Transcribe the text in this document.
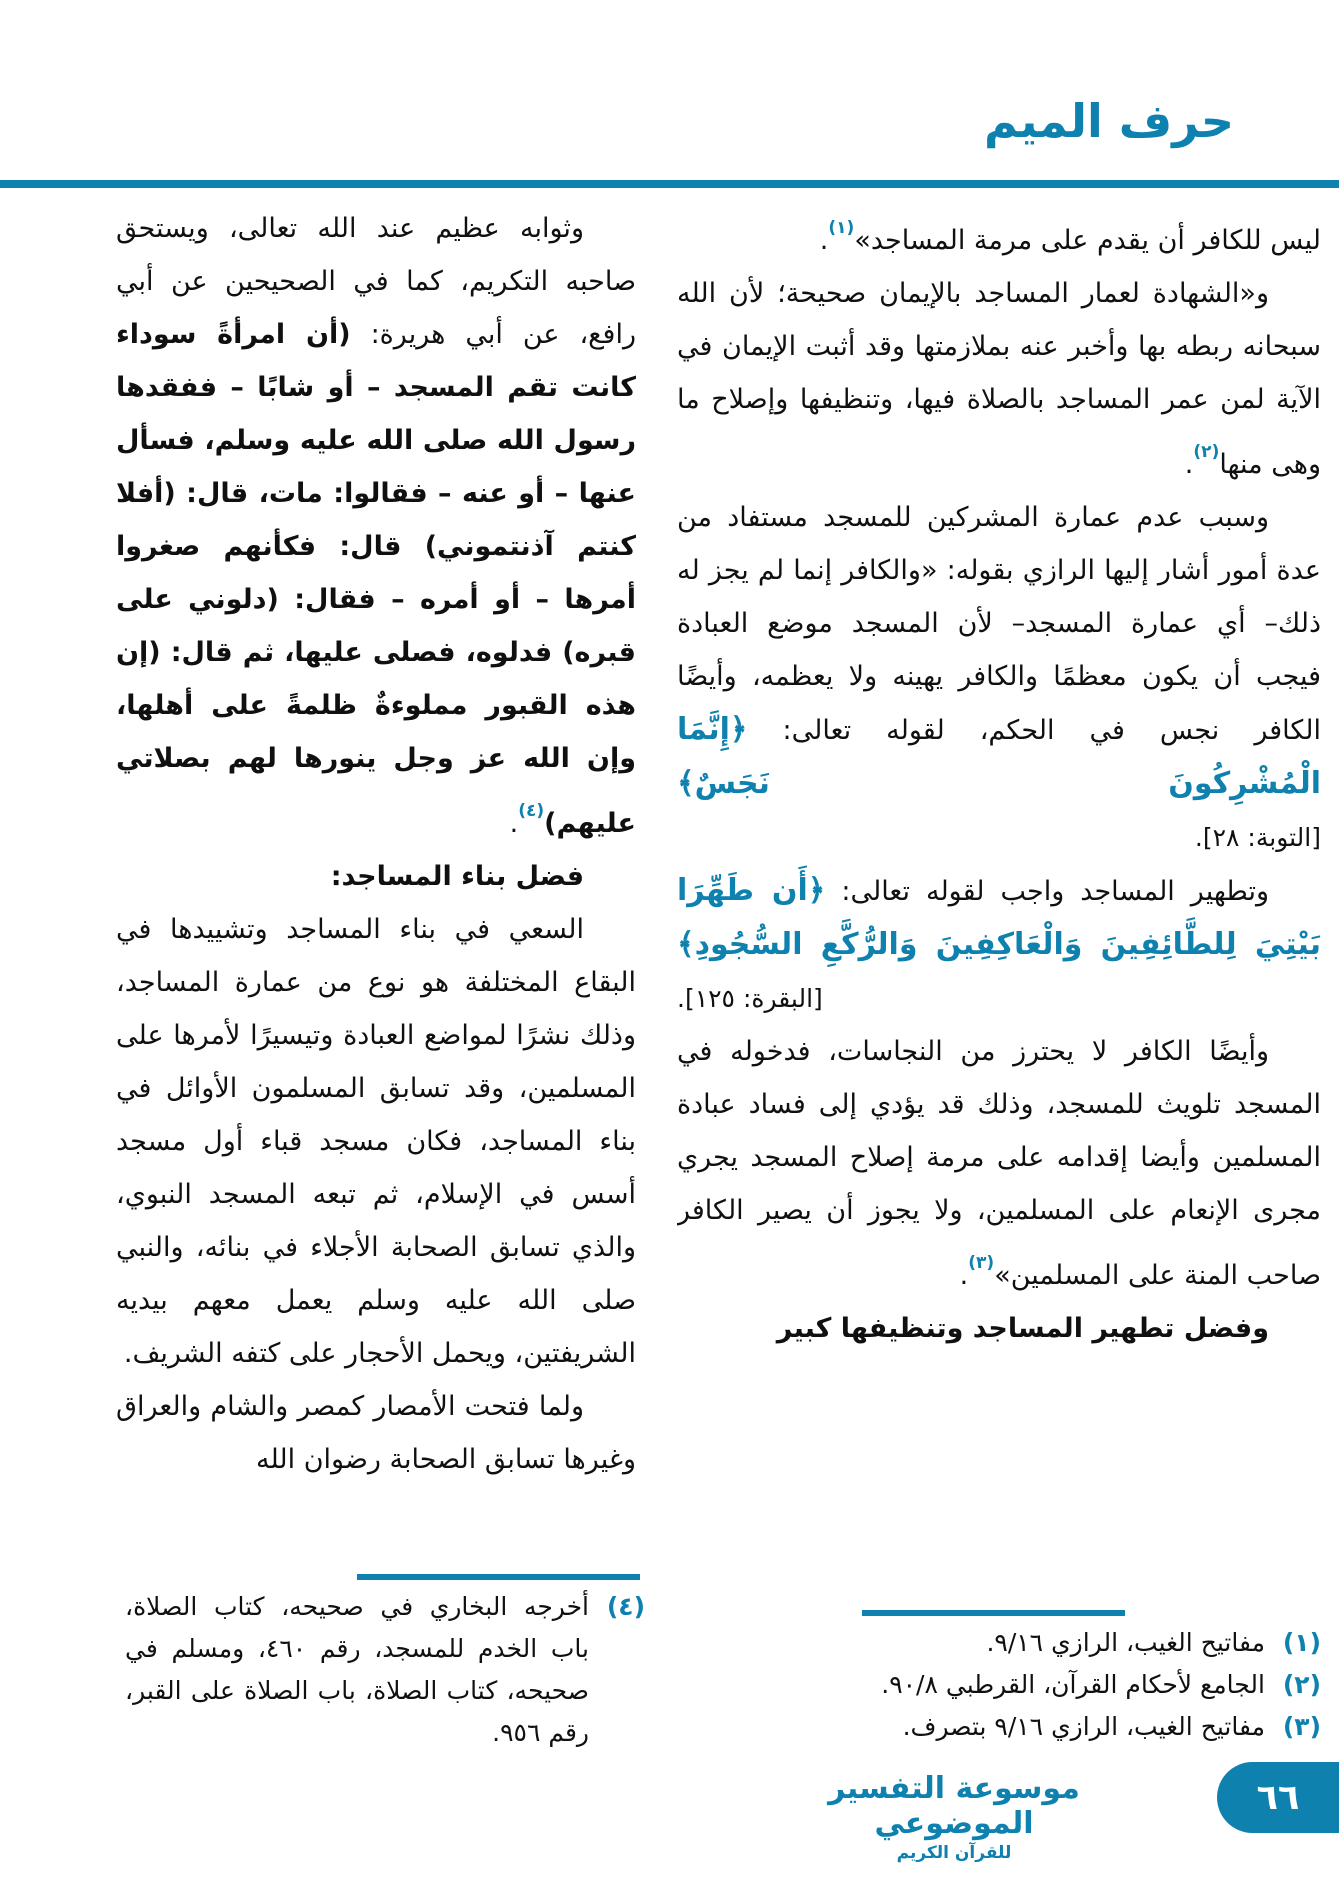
حرف الميم

ليس للكافر أن يقدم على مرمة المساجد»$^{(١)}$.

و«الشهادة لعمار المساجد بالإيمان صحيحة؛ لأن الله سبحانه ربطه بها وأخبر عنه بملازمتها وقد أثبت الإيمان في الآية لمن عمر المساجد بالصلاة فيها، وتنظيفها وإصلاح ما وهى منها$^{(٢)}$.

وسبب عدم عمارة المشركين للمسجد مستفاد من عدة أمور أشار إليها الرازي بقوله: «والكافر إنما لم يجز له ذلك– أي عمارة المسجد– لأن المسجد موضع العبادة فيجب أن يكون معظمًا والكافر يهينه ولا يعظمه، وأيضًا الكافر نجس في الحكم، لقوله تعالى: ﴿إِنَّمَا الْمُشْرِكُونَ نَجَسٌ﴾

[التوبة: ٢٨].

وتطهير المساجد واجب لقوله تعالى: ﴿أَن طَهِّرَا بَيْتِيَ لِلطَّائِفِينَ وَالْعَاكِفِينَ وَالرُّكَّعِ السُّجُودِ﴾ [البقرة: ١٢٥].

وأيضًا الكافر لا يحترز من النجاسات، فدخوله في المسجد تلويث للمسجد، وذلك قد يؤدي إلى فساد عبادة المسلمين وأيضا إقدامه على مرمة إصلاح المسجد يجري مجرى الإنعام على المسلمين، ولا يجوز أن يصير الكافر صاحب المنة على المسلمين»$^{(٣)}$.

وفضل تطهير المساجد وتنظيفها كبير

وثوابه عظيم عند الله تعالى، ويستحق صاحبه التكريم، كما في الصحيحين عن أبي رافع، عن أبي هريرة: (أن امرأةً سوداء كانت تقم المسجد – أو شابًا – ففقدها رسول الله صلى الله عليه وسلم، فسأل عنها – أو عنه – فقالوا: مات، قال: (أفلا كنتم آذنتموني) قال: فكأنهم صغروا أمرها – أو أمره – فقال: (دلوني على قبره) فدلوه، فصلى عليها، ثم قال: (إن هذه القبور مملوءةٌ ظلمةً على أهلها، وإن الله عز وجل ينورها لهم بصلاتي عليهم)$^{(٤)}$.

فضل بناء المساجد:

السعي في بناء المساجد وتشييدها في البقاع المختلفة هو نوع من عمارة المساجد، وذلك نشرًا لمواضع العبادة وتيسيرًا لأمرها على المسلمين، وقد تسابق المسلمون الأوائل في بناء المساجد، فكان مسجد قباء أول مسجد أسس في الإسلام، ثم تبعه المسجد النبوي، والذي تسابق الصحابة الأجلاء في بنائه، والنبي صلى الله عليه وسلم يعمل معهم بيديه الشريفتين، ويحمل الأحجار على كتفه الشريف.

ولما فتحت الأمصار كمصر والشام والعراق وغيرها تسابق الصحابة رضوان الله

(١)
مفاتيح الغيب، الرازي ٩/١٦.
(٢)
الجامع لأحكام القرآن، القرطبي ٩٠/٨.
(٣)
مفاتيح الغيب، الرازي ٩/١٦ بتصرف.
(٤)
أخرجه البخاري في صحيحه، كتاب الصلاة، باب الخدم للمسجد، رقم ٤٦٠، ومسلم في صحيحه، كتاب الصلاة، باب الصلاة على القبر، رقم ٩٥٦.
موسوعة التفسير الموضوعي
للقرآن الكريم
٦٦
